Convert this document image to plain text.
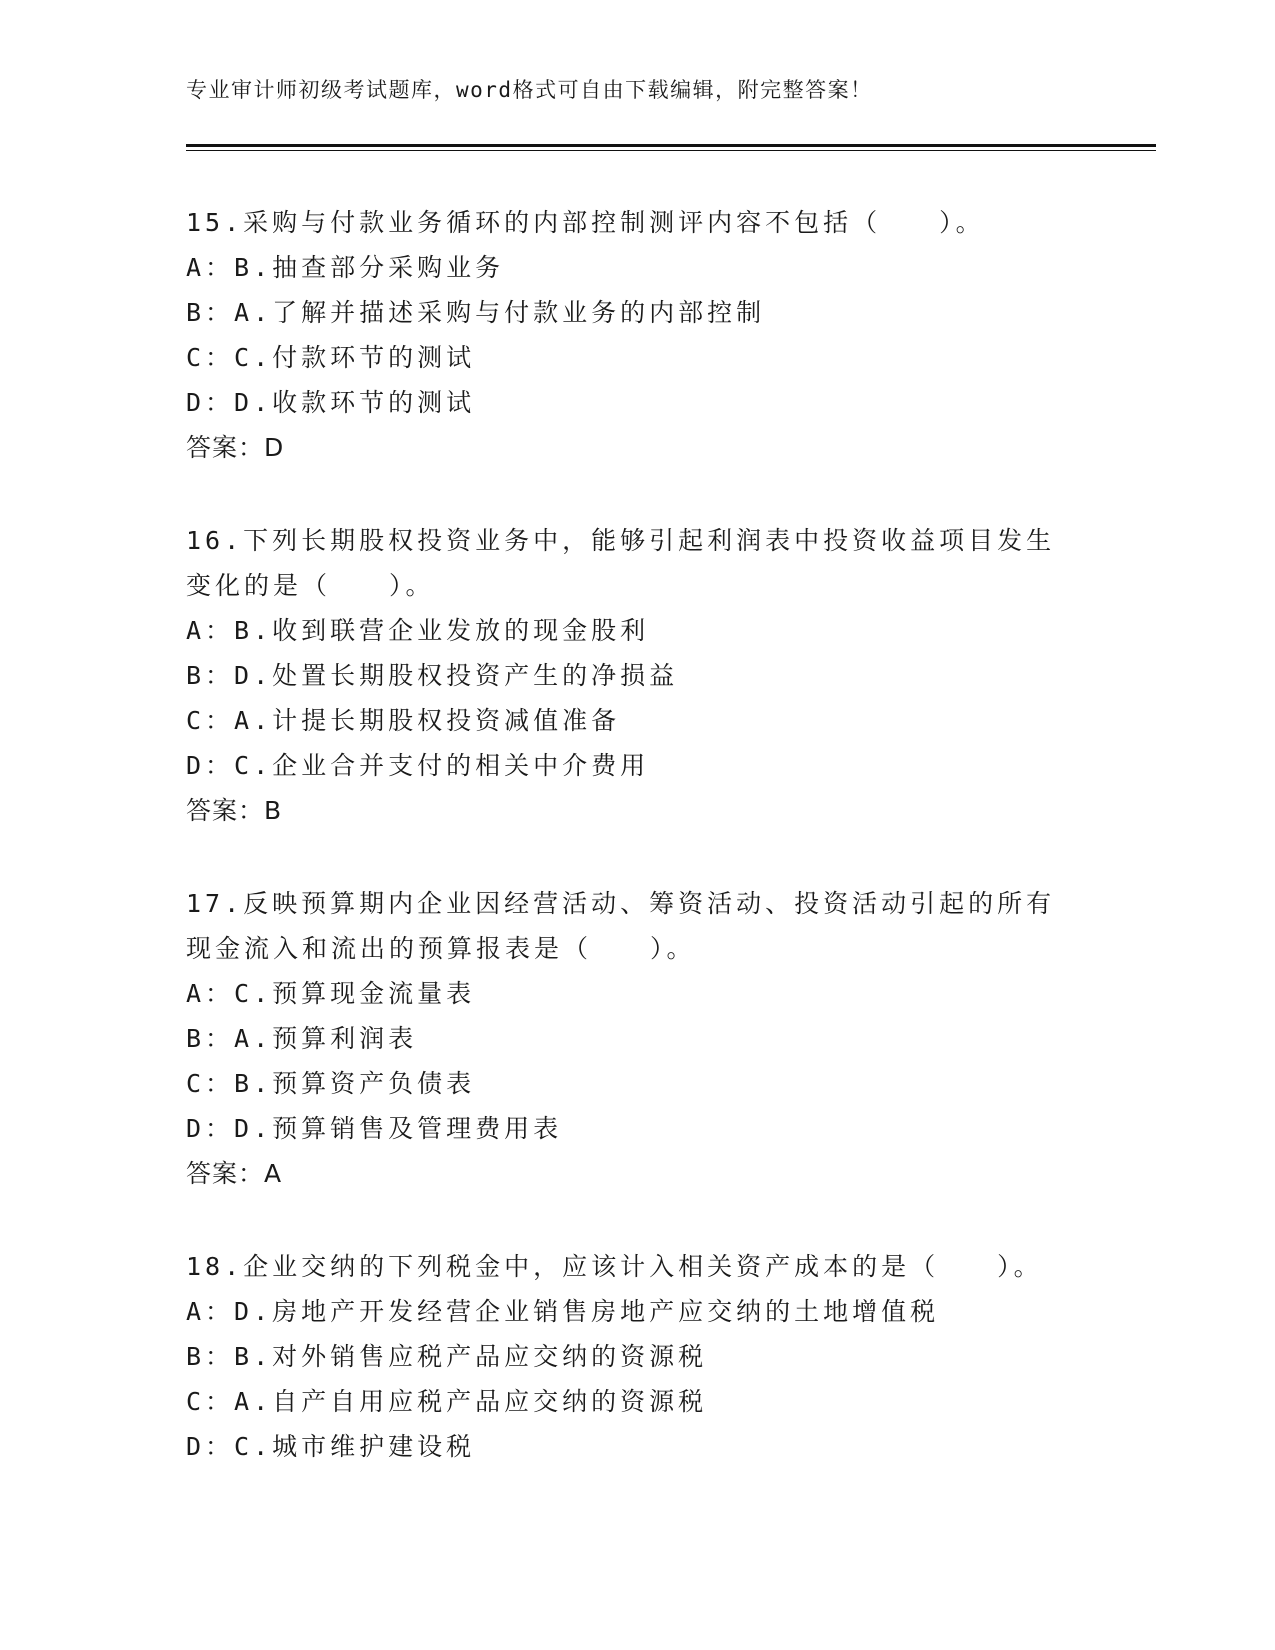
专业审计师初级考试题库，word格式可自由下载编辑，附完整答案！

15.采购与付款业务循环的内部控制测评内容不包括（　　）。

A：B.抽查部分采购业务

B：A.了解并描述采购与付款业务的内部控制

C：C.付款环节的测试

D：D.收款环节的测试

答案：D

16.下列长期股权投资业务中，能够引起利润表中投资收益项目发生变化的是（　　）。

A：B.收到联营企业发放的现金股利

B：D.处置长期股权投资产生的净损益

C：A.计提长期股权投资减值准备

D：C.企业合并支付的相关中介费用

答案：B

17.反映预算期内企业因经营活动、筹资活动、投资活动引起的所有现金流入和流出的预算报表是（　　）。

A：C.预算现金流量表

B：A.预算利润表

C：B.预算资产负债表

D：D.预算销售及管理费用表

答案：A

18.企业交纳的下列税金中，应该计入相关资产成本的是（　　）。

A：D.房地产开发经营企业销售房地产应交纳的土地增值税

B：B.对外销售应税产品应交纳的资源税

C：A.自产自用应税产品应交纳的资源税

D：C.城市维护建设税
